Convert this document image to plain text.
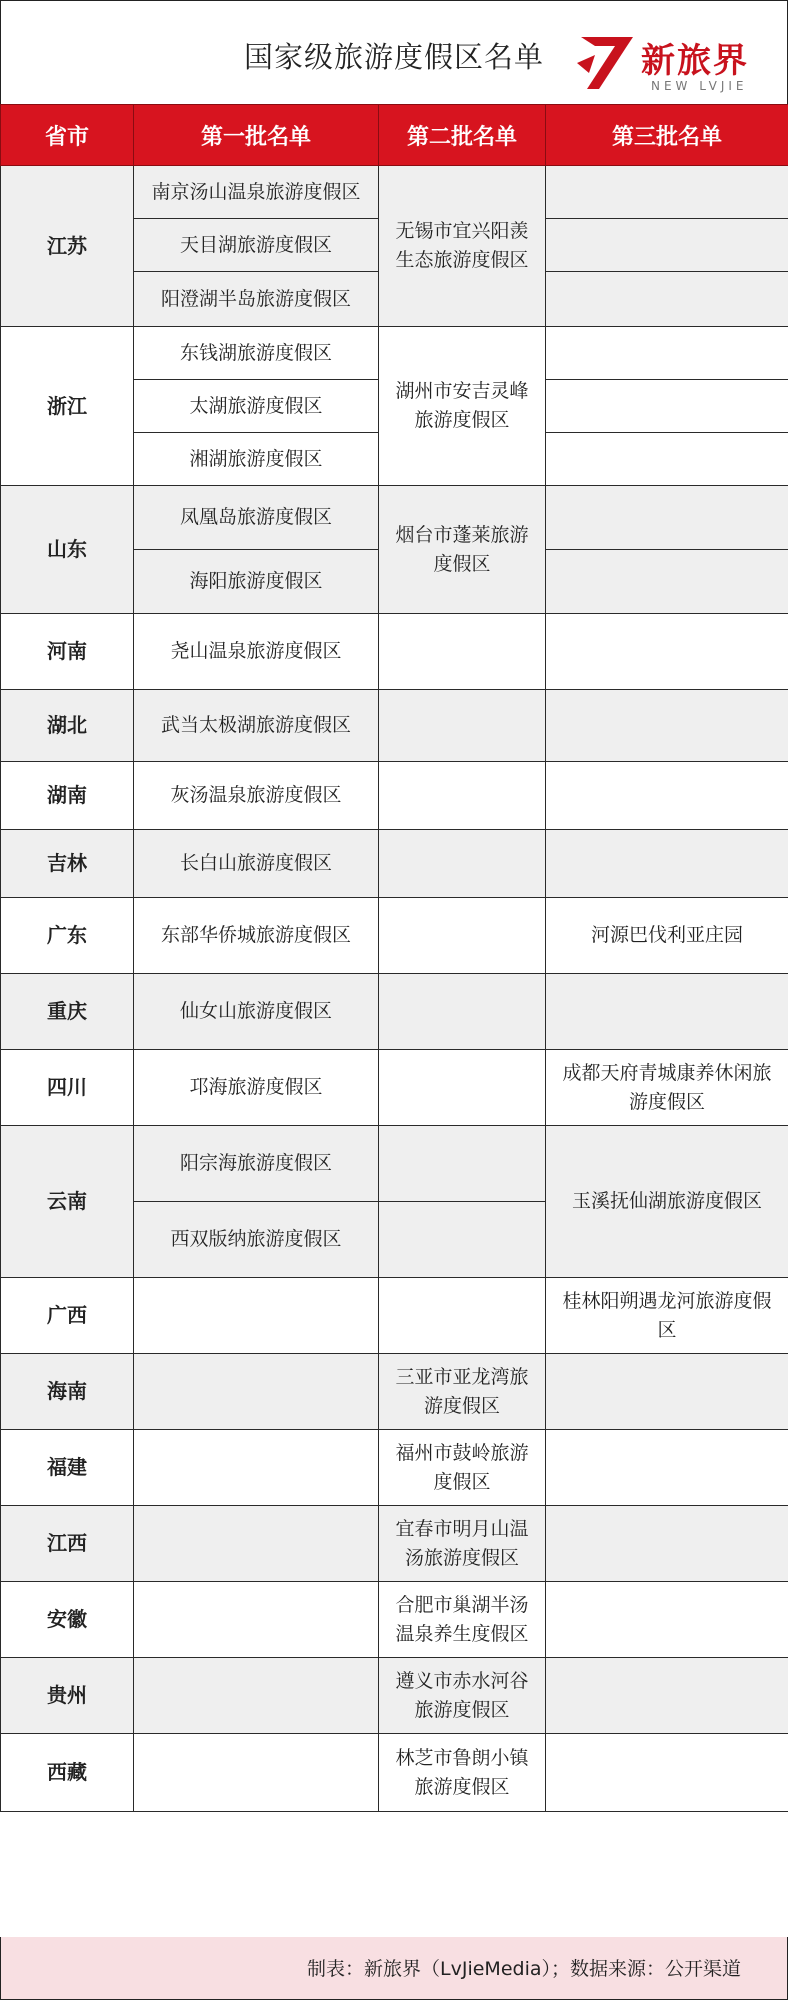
国家级旅游度假区名单	新旅界
NEW LVJIE
省市	第一批名单	第二批名单	第三批名单
江苏	南京汤山温泉旅游度假区	无锡市宜兴阳羡生态旅游度假区	
	天目湖旅游度假区		
	阳澄湖半岛旅游度假区		
浙江	东钱湖旅游度假区	湖州市安吉灵峰旅游度假区	
	太湖旅游度假区		
	湘湖旅游度假区		
山东	凤凰岛旅游度假区	烟台市蓬莱旅游度假区	
	海阳旅游度假区		
河南	尧山温泉旅游度假区		
湖北	武当太极湖旅游度假区		
湖南	灰汤温泉旅游度假区		
吉林	长白山旅游度假区		
广东	东部华侨城旅游度假区		河源巴伐利亚庄园
重庆	仙女山旅游度假区		
四川	邛海旅游度假区		成都天府青城康养休闲旅游度假区
云南	阳宗海旅游度假区		玉溪抚仙湖旅游度假区
	西双版纳旅游度假区		
广西			桂林阳朔遇龙河旅游度假区
海南		三亚市亚龙湾旅游度假区	
福建		福州市鼓岭旅游度假区	
江西		宜春市明月山温汤旅游度假区	
安徽		合肥市巢湖半汤温泉养生度假区	
贵州		遵义市赤水河谷旅游度假区	
西藏		林芝市鲁朗小镇旅游度假区	
制表：新旅界（LvJieMedia）；数据来源：公开渠道
